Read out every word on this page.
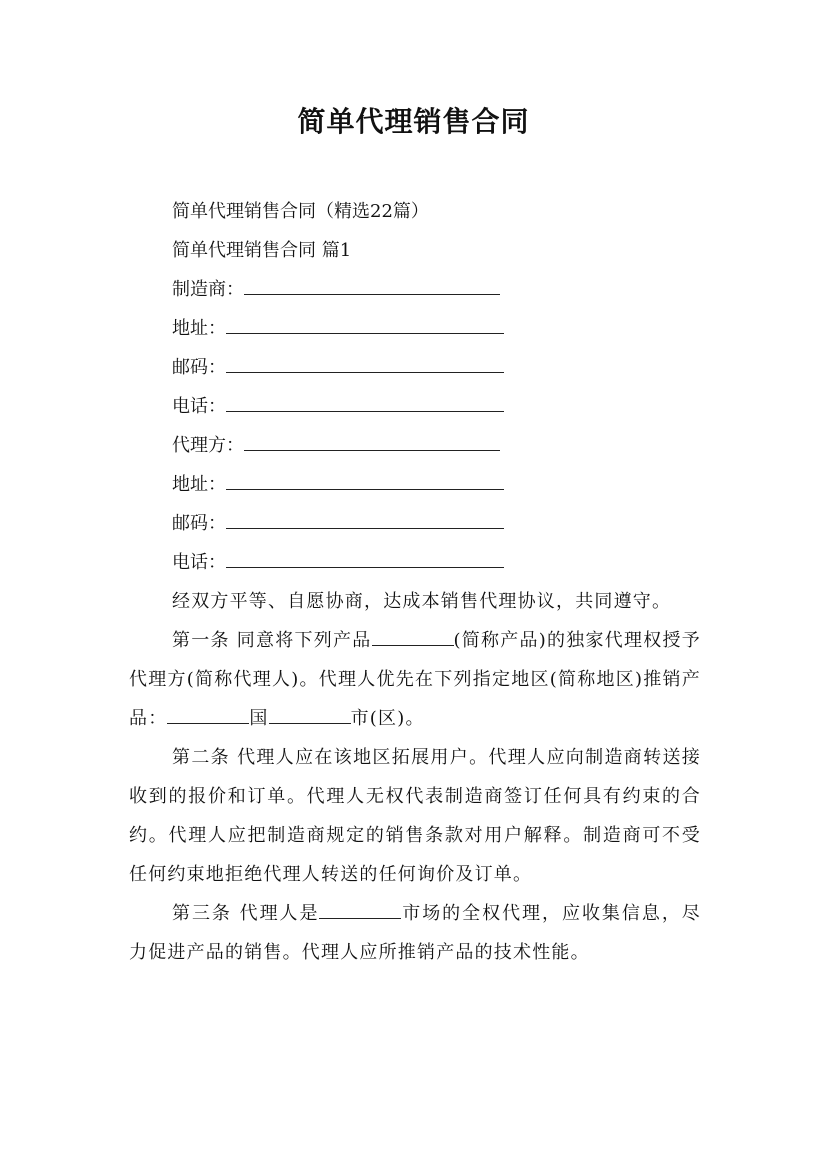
简单代理销售合同

简单代理销售合同（精选22篇）

简单代理销售合同 篇1

制造商：

地址：

邮码：

电话：

代理方：

地址：

邮码：

电话：

经双方平等、自愿协商，达成本销售代理协议，共同遵守。

第一条 同意将下列产品	(简称产品)的独家代理权授予代理方(简称代理人)。代理人优先在下列指定地区(简称地区)推销产品：	国	市(区)。

第二条 代理人应在该地区拓展用户。代理人应向制造商转送接收到的报价和订单。代理人无权代表制造商签订任何具有约束的合约。代理人应把制造商规定的销售条款对用户解释。制造商可不受任何约束地拒绝代理人转送的任何询价及订单。

第三条 代理人是	市场的全权代理，应收集信息，尽力促进产品的销售。代理人应所推销产品的技术性能。
